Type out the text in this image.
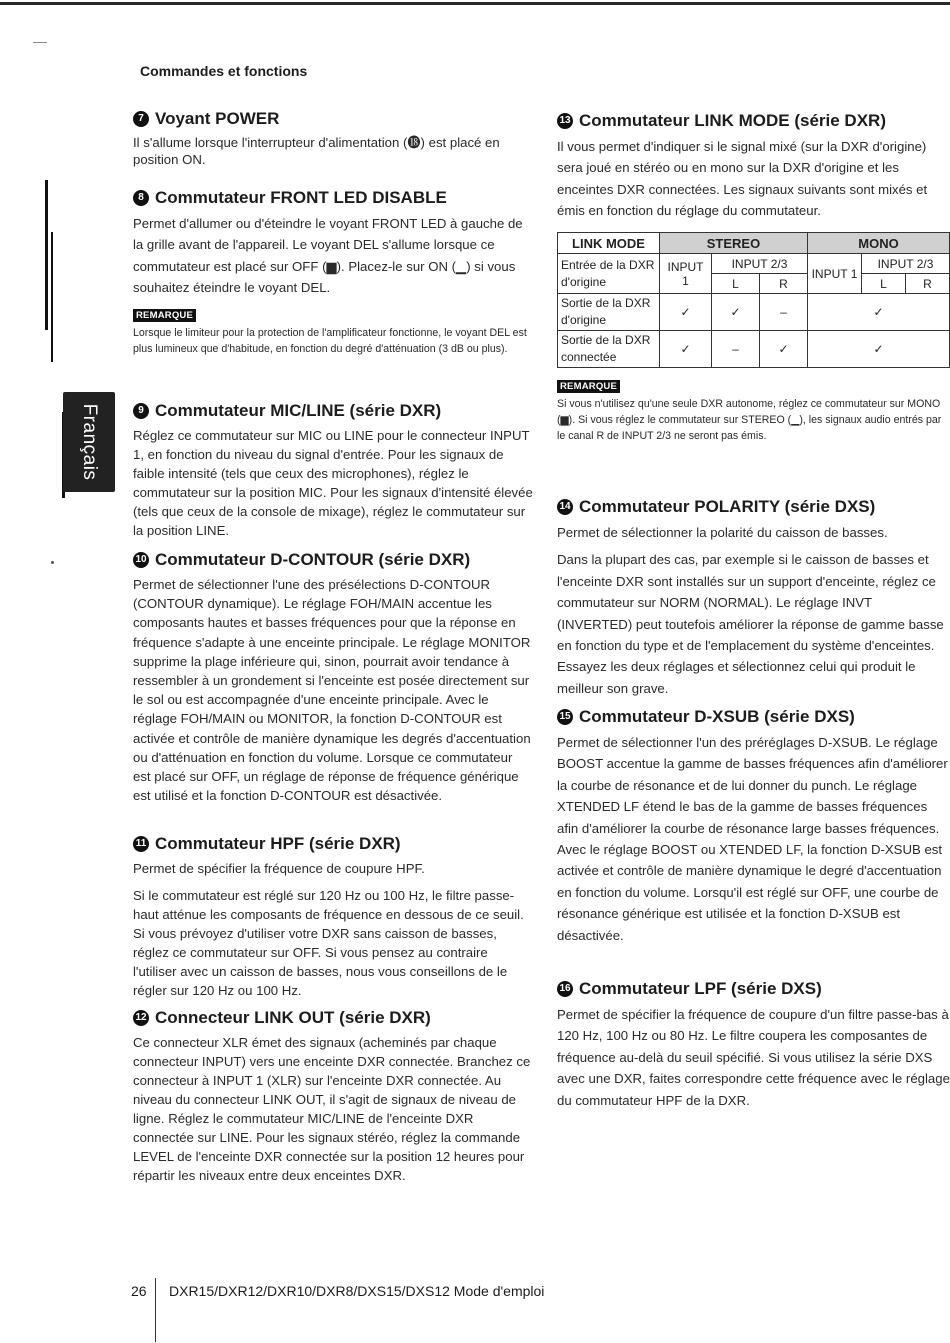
Français
Commandes et fonctions
7 Voyant POWER

Il s'allume lorsque l'interrupteur d'alimentation (⓲) est placé en position ON.

8 Commutateur FRONT LED DISABLE

Permet d'allumer ou d'éteindre le voyant FRONT LED à gauche de la grille avant de l'appareil. Le voyant DEL s'allume lorsque ce commutateur est placé sur OFF (▆). Placez-le sur ON (▁) si vous souhaitez éteindre le voyant DEL.

REMARQUE

Lorsque le limiteur pour la protection de l'amplificateur fonctionne, le voyant DEL est plus lumineux que d'habitude, en fonction du degré d'atténuation (3 dB ou plus).

9 Commutateur MIC/LINE (série DXR)

Réglez ce commutateur sur MIC ou LINE pour le connecteur INPUT 1, en fonction du niveau du signal d'entrée. Pour les signaux de faible intensité (tels que ceux des microphones), réglez le commutateur sur la position MIC. Pour les signaux d'intensité élevée (tels que ceux de la console de mixage), réglez le commutateur sur la position LINE.

10 Commutateur D-CONTOUR (série DXR)

Permet de sélectionner l'une des présélections D-CONTOUR (CONTOUR dynamique). Le réglage FOH/MAIN accentue les composants hautes et basses fréquences pour que la réponse en fréquence s'adapte à une enceinte principale. Le réglage MONITOR supprime la plage inférieure qui, sinon, pourrait avoir tendance à ressembler à un grondement si l'enceinte est posée directement sur le sol ou est accompagnée d'une enceinte principale. Avec le réglage FOH/MAIN ou MONITOR, la fonction D-CONTOUR est activée et contrôle de manière dynamique les degrés d'accentuation ou d'atténuation en fonction du volume. Lorsque ce commutateur est placé sur OFF, un réglage de réponse de fréquence générique est utilisé et la fonction D-CONTOUR est désactivée.

11 Commutateur HPF (série DXR)

Permet de spécifier la fréquence de coupure HPF.

Si le commutateur est réglé sur 120 Hz ou 100 Hz, le filtre passe-haut atténue les composants de fréquence en dessous de ce seuil. Si vous prévoyez d'utiliser votre DXR sans caisson de basses, réglez ce commutateur sur OFF. Si vous pensez au contraire l'utiliser avec un caisson de basses, nous vous conseillons de le régler sur 120 Hz ou 100 Hz.

12 Connecteur LINK OUT (série DXR)

Ce connecteur XLR émet des signaux (acheminés par chaque connecteur INPUT) vers une enceinte DXR connectée. Branchez ce connecteur à INPUT 1 (XLR) sur l'enceinte DXR connectée. Au niveau du connecteur LINK OUT, il s'agit de signaux de niveau de ligne. Réglez le commutateur MIC/LINE de l'enceinte DXR connectée sur LINE. Pour les signaux stéréo, réglez la commande LEVEL de l'enceinte DXR connectée sur la position 12 heures pour répartir les niveaux entre deux enceintes DXR.

13 Commutateur LINK MODE (série DXR)

Il vous permet d'indiquer si le signal mixé (sur la DXR d'origine) sera joué en stéréo ou en mono sur la DXR d'origine et les enceintes DXR connectées. Les signaux suivants sont mixés et émis en fonction du réglage du commutateur.

LINK MODE	STEREO			MONO		
Entrée de la DXR d'origine	INPUT 1	INPUT 2/3		INPUT 1	INPUT 2/3	
		L	R		L	R
Sortie de la DXR d'origine	✓	✓	–	✓		
Sortie de la DXR connectée	✓	–	✓	✓		
REMARQUE

Si vous n'utilisez qu'une seule DXR autonome, réglez ce commutateur sur MONO (▆). Si vous réglez le commutateur sur STEREO (▁), les signaux audio entrés par le canal R de INPUT 2/3 ne seront pas émis.

14 Commutateur POLARITY (série DXS)

Permet de sélectionner la polarité du caisson de basses.

Dans la plupart des cas, par exemple si le caisson de basses et l'enceinte DXR sont installés sur un support d'enceinte, réglez ce commutateur sur NORM (NORMAL). Le réglage INVT (INVERTED) peut toutefois améliorer la réponse de gamme basse en fonction du type et de l'emplacement du système d'enceintes. Essayez les deux réglages et sélectionnez celui qui produit le meilleur son grave.

15 Commutateur D-XSUB (série DXS)

Permet de sélectionner l'un des préréglages D-XSUB. Le réglage BOOST accentue la gamme de basses fréquences afin d'améliorer la courbe de résonance et de lui donner du punch. Le réglage XTENDED LF étend le bas de la gamme de basses fréquences afin d'améliorer la courbe de résonance large basses fréquences. Avec le réglage BOOST ou XTENDED LF, la fonction D-XSUB est activée et contrôle de manière dynamique le degré d'accentuation en fonction du volume. Lorsqu'il est réglé sur OFF, une courbe de résonance générique est utilisée et la fonction D-XSUB est désactivée.

16 Commutateur LPF (série DXS)

Permet de spécifier la fréquence de coupure d'un filtre passe-bas à 120 Hz, 100 Hz ou 80 Hz. Le filtre coupera les composantes de fréquence au-delà du seuil spécifié. Si vous utilisez la série DXS avec une DXR, faites correspondre cette fréquence avec le réglage du commutateur HPF de la DXR.

26 DXR15/DXR12/DXR10/DXR8/DXS15/DXS12 Mode d'emploi
